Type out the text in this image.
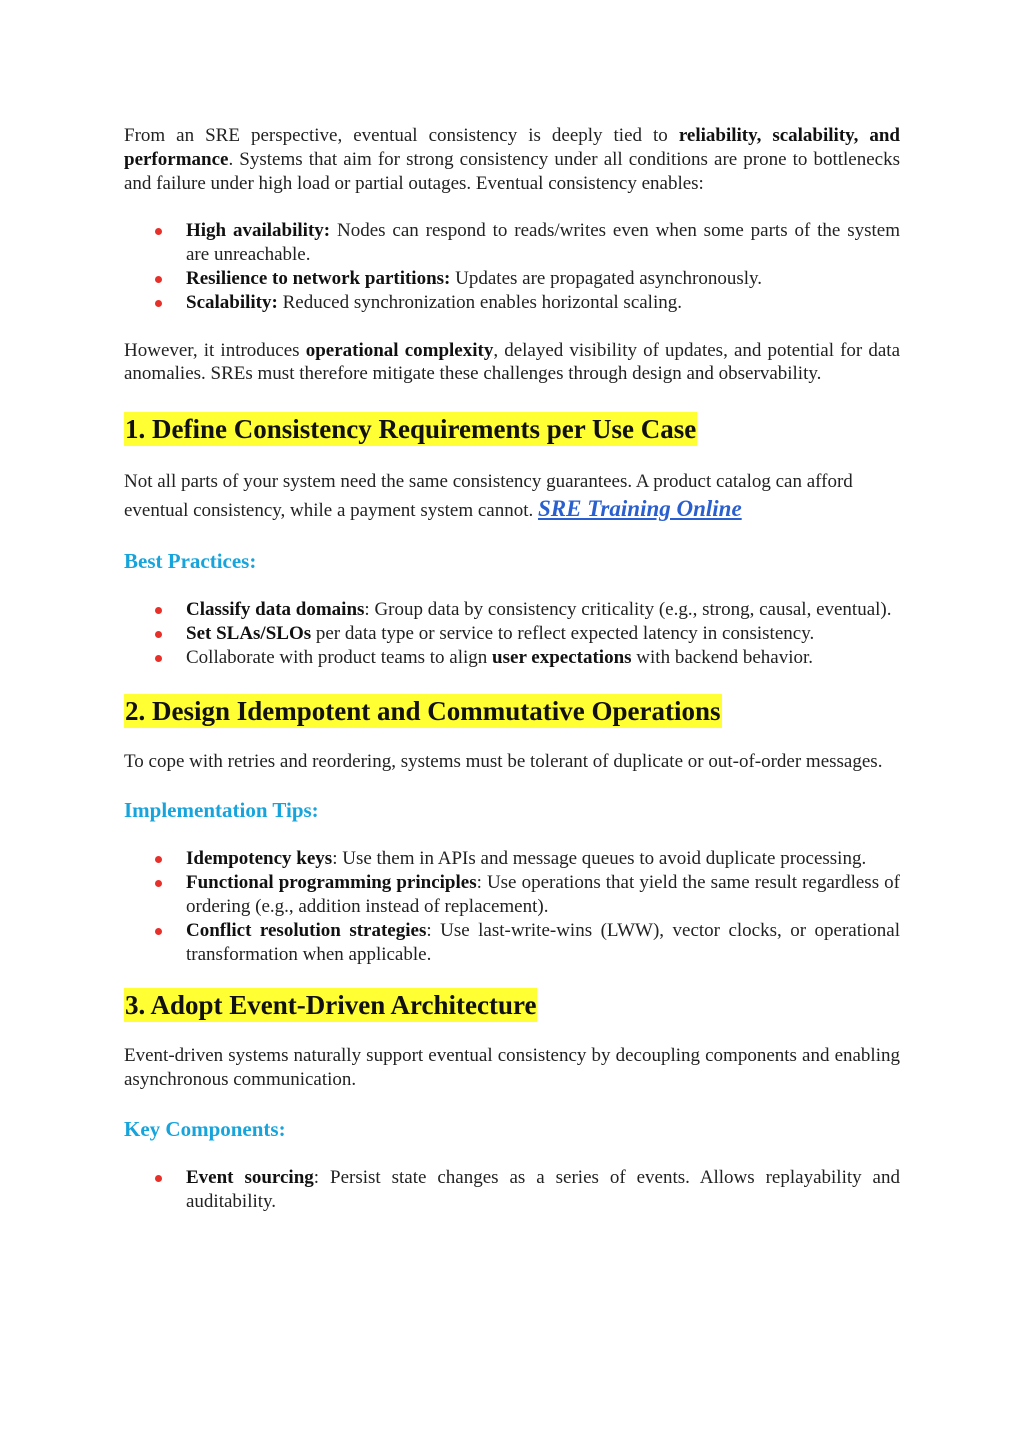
From an SRE perspective, eventual consistency is deeply tied to reliability, scalability, and performance. Systems that aim for strong consistency under all conditions are prone to bottlenecks and failure under high load or partial outages. Eventual consistency enables:

High availability: Nodes can respond to reads/writes even when some parts of the system are unreachable.
Resilience to network partitions: Updates are propagated asynchronously.
Scalability: Reduced synchronization enables horizontal scaling.

However, it introduces operational complexity, delayed visibility of updates, and potential for data anomalies. SREs must therefore mitigate these challenges through design and observability.

1. Define Consistency Requirements per Use Case

Not all parts of your system need the same consistency guarantees. A product catalog can afford eventual consistency, while a payment system cannot. SRE Training Online

Best Practices:
Classify data domains: Group data by consistency criticality (e.g., strong, causal, eventual).
Set SLAs/SLOs per data type or service to reflect expected latency in consistency.
Collaborate with product teams to align user expectations with backend behavior.
2. Design Idempotent and Commutative Operations

To cope with retries and reordering, systems must be tolerant of duplicate or out-of-order messages.

Implementation Tips:
Idempotency keys: Use them in APIs and message queues to avoid duplicate processing.
Functional programming principles: Use operations that yield the same result regardless of ordering (e.g., addition instead of replacement).
Conflict resolution strategies: Use last-write-wins (LWW), vector clocks, or operational transformation when applicable.
3. Adopt Event-Driven Architecture

Event-driven systems naturally support eventual consistency by decoupling components and enabling asynchronous communication.

Key Components:
Event sourcing: Persist state changes as a series of events. Allows replayability and auditability.
